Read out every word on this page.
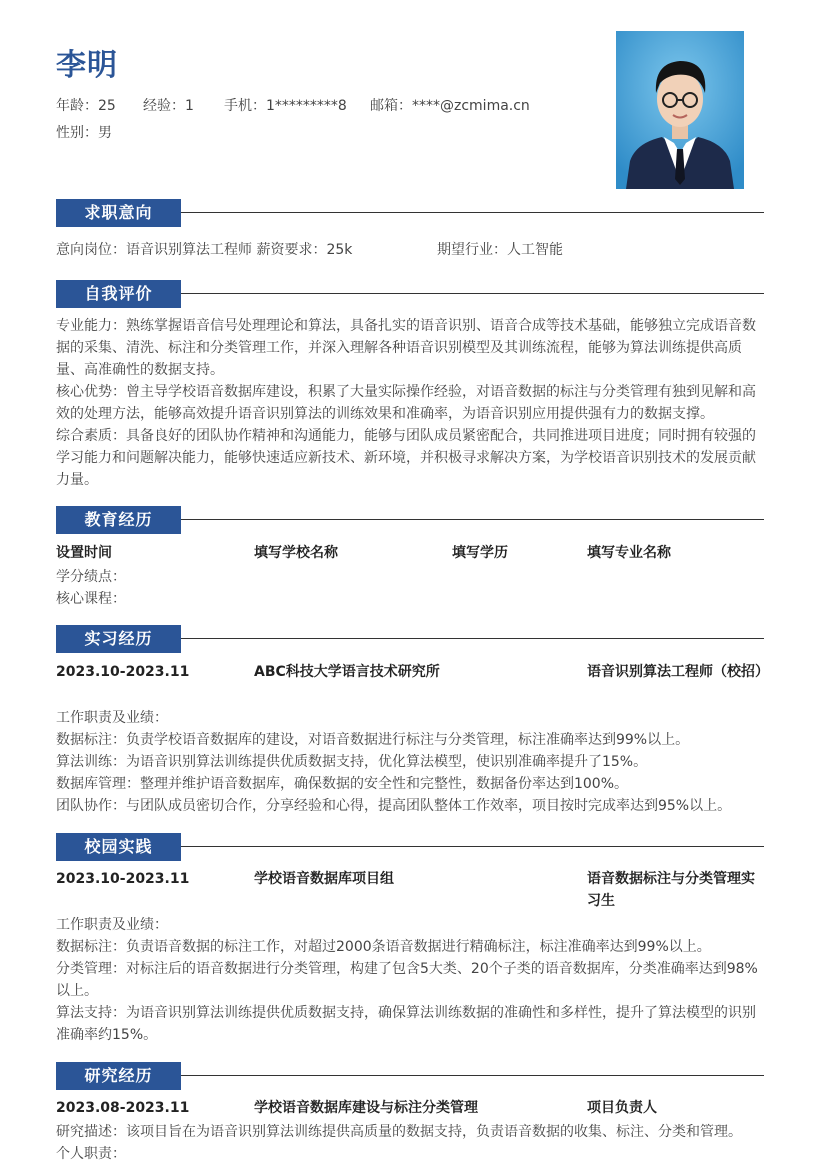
李明
年龄：25 经验：1 手机：1*********8 邮箱：****@zcmima.cn
性别：男
求职意向
意向岗位：语音识别算法工程师 薪资要求：25k	期望行业：人工智能
自我评价
专业能力：熟练掌握语音信号处理理论和算法，具备扎实的语音识别、语音合成等技术基础，能够独立完成语音数据的采集、清洗、标注和分类管理工作，并深入理解各种语音识别模型及其训练流程，能够为算法训练提供高质量、高准确性的数据支持。
核心优势：曾主导学校语音数据库建设，积累了大量实际操作经验，对语音数据的标注与分类管理有独到见解和高效的处理方法，能够高效提升语音识别算法的训练效果和准确率，为语音识别应用提供强有力的数据支撑。
综合素质：具备良好的团队协作精神和沟通能力，能够与团队成员紧密配合，共同推进项目进度；同时拥有较强的学习能力和问题解决能力，能够快速适应新技术、新环境，并积极寻求解决方案，为学校语音识别技术的发展贡献力量。
教育经历
设置时间	填写学校名称	填写学历	填写专业名称
学分绩点：
核心课程：
实习经历
2023.10-2023.11	ABC科技大学语言技术研究所	语音识别算法工程师（校招）
工作职责及业绩：
数据标注：负责学校语音数据库的建设，对语音数据进行标注与分类管理，标注准确率达到99%以上。
算法训练：为语音识别算法训练提供优质数据支持，优化算法模型，使识别准确率提升了15%。
数据库管理：整理并维护语音数据库，确保数据的安全性和完整性，数据备份率达到100%。
团队协作：与团队成员密切合作，分享经验和心得，提高团队整体工作效率，项目按时完成率达到95%以上。
校园实践
2023.10-2023.11	学校语音数据库项目组	语音数据标注与分类管理实习生
工作职责及业绩：
数据标注：负责语音数据的标注工作，对超过2000条语音数据进行精确标注，标注准确率达到99%以上。
分类管理：对标注后的语音数据进行分类管理，构建了包含5大类、20个子类的语音数据库，分类准确率达到98%以上。
算法支持：为语音识别算法训练提供优质数据支持，确保算法训练数据的准确性和多样性，提升了算法模型的识别准确率约15%。
研究经历
2023.08-2023.11	学校语音数据库建设与标注分类管理	项目负责人
研究描述：该项目旨在为语音识别算法训练提供高质量的数据支持，负责语音数据的收集、标注、分类和管理。
个人职责：
